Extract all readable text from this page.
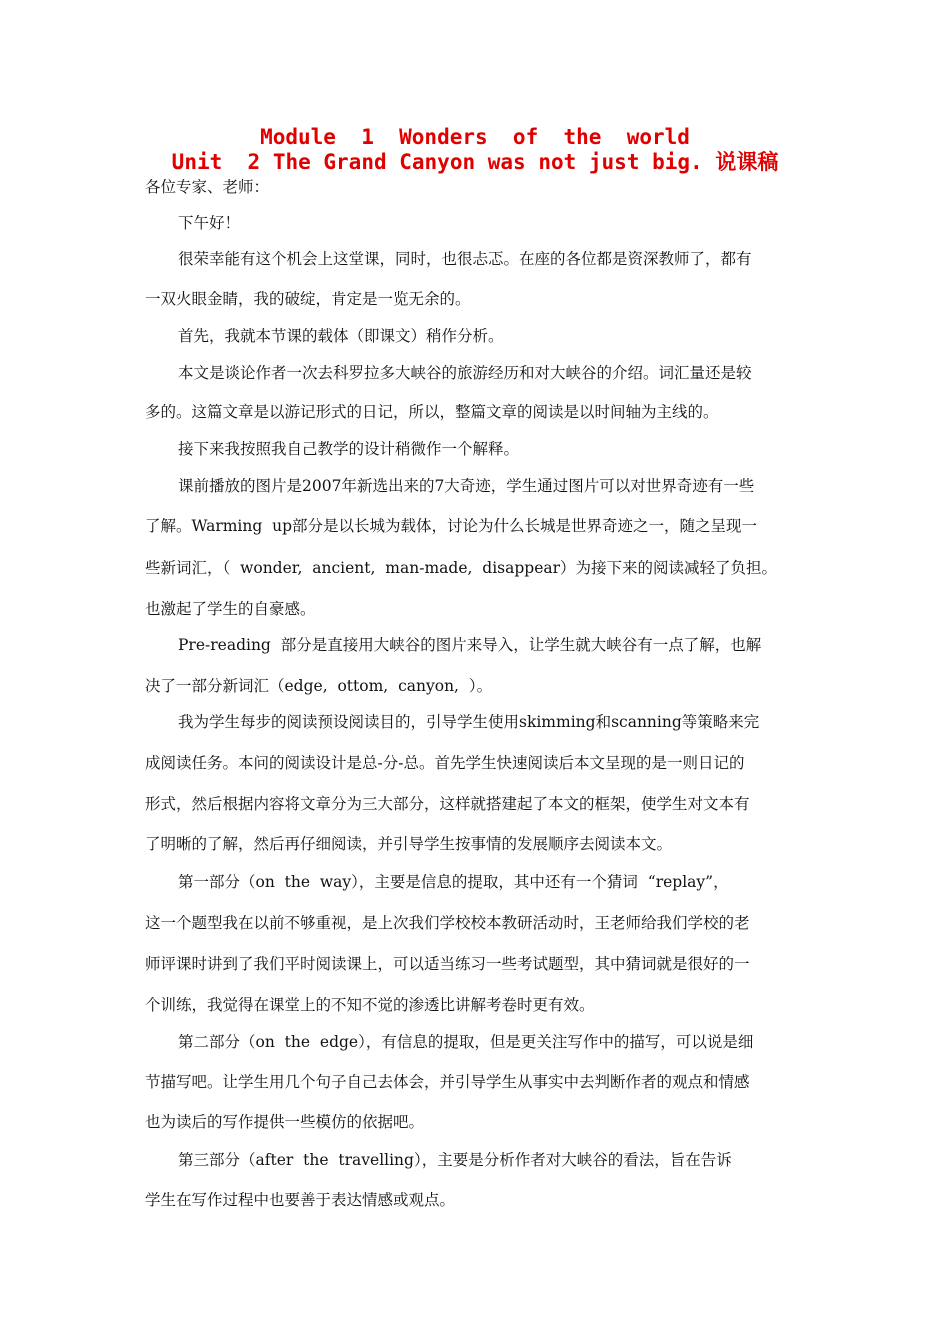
Module  1  Wonders  of  the  world
Unit  2 The Grand Canyon was not just big. 说课稿
各位专家、老师：
下午好！
很荣幸能有这个机会上这堂课，同时，也很忐忑。在座的各位都是资深教师了，都有
一双火眼金睛，我的破绽，肯定是一览无余的。
首先，我就本节课的载体（即课文）稍作分析。
本文是谈论作者一次去科罗拉多大峡谷的旅游经历和对大峡谷的介绍。词汇量还是较
多的。这篇文章是以游记形式的日记，所以，整篇文章的阅读是以时间轴为主线的。
接下来我按照我自己教学的设计稍微作一个解释。
课前播放的图片是2007年新选出来的7大奇迹，学生通过图片可以对世界奇迹有一些
了解。Warming  up部分是以长城为载体，讨论为什么长城是世界奇迹之一，随之呈现一
些新词汇，（  wonder,  ancient,  man-made,  disappear）为接下来的阅读减轻了负担。
也激起了学生的自豪感。
Pre-reading  部分是直接用大峡谷的图片来导入，让学生就大峡谷有一点了解，也解
决了一部分新词汇（edge,  ottom,  canyon,  ）。
我为学生每步的阅读预设阅读目的，引导学生使用skimming和scanning等策略来完
成阅读任务。本问的阅读设计是总-分-总。首先学生快速阅读后本文呈现的是一则日记的
形式，然后根据内容将文章分为三大部分，这样就搭建起了本文的框架，使学生对文本有
了明晰的了解，然后再仔细阅读，并引导学生按事情的发展顺序去阅读本文。
第一部分（on  the  way），主要是信息的提取，其中还有一个猜词  “replay”，
这一个题型我在以前不够重视，是上次我们学校校本教研活动时，王老师给我们学校的老
师评课时讲到了我们平时阅读课上，可以适当练习一些考试题型，其中猜词就是很好的一
个训练，我觉得在课堂上的不知不觉的渗透比讲解考卷时更有效。
第二部分（on  the  edge），有信息的提取，但是更关注写作中的描写，可以说是细
节描写吧。让学生用几个句子自己去体会，并引导学生从事实中去判断作者的观点和情感
也为读后的写作提供一些模仿的依据吧。
第三部分（after  the  travelling），主要是分析作者对大峡谷的看法，旨在告诉
学生在写作过程中也要善于表达情感或观点。
